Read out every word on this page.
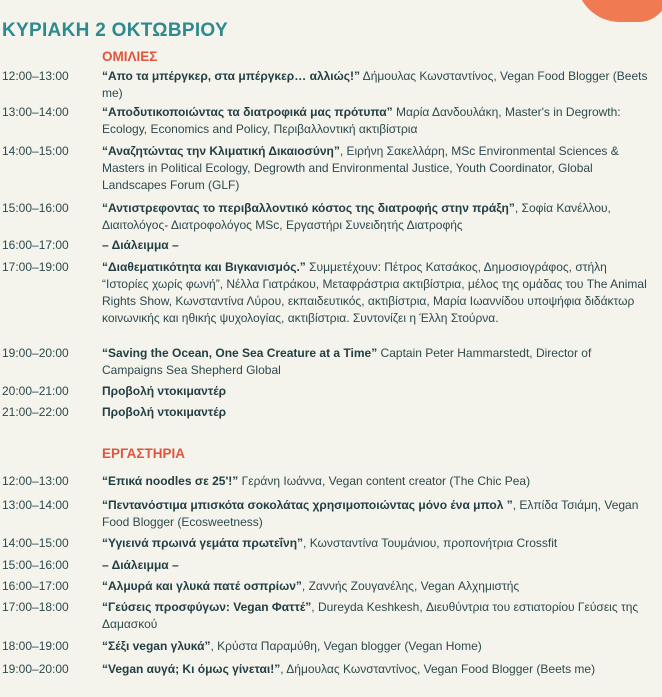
ΚΥΡΙΑΚΗ 2 ΟΚΤΩΒΡΙΟΥ
ΟΜΙΛΙΕΣ
12:00–13:00	“Απο τα μπέργκερ, στα μπέργκερ… αλλιώς!” Δήμουλας Κωνσταντίνος, Vegan Food Blogger (Beets me)
13:00–14:00	“Αποδυτικοποιώντας τα διατροφικά μας πρότυπα” Μαρία Δανδουλάκη, Master's in Degrowth: Ecology, Economics and Policy, Περιβαλλοντική ακτιβίστρια
14:00–15:00	“Αναζητώντας την Κλιματική Δικαιοσύνη”, Ειρήνη Σακελλάρη, MSc Environmental Sciences & Masters in Political Ecology, Degrowth and Environmental Justice, Youth Coordinator, Global Landscapes Forum (GLF)
15:00–16:00	“Αντιστρεφοντας το περιβαλλοντικό κόστος της διατροφής στην πράξη”, Σοφία Κανέλλου, Διαιτολόγος- Διατροφολόγος MSc, Εργαστήρι Συνειδητής Διατροφής
16:00–17:00	– Διάλειμμα –
17:00–19:00	“Διαθεματικότητα και Βιγκανισμός.” Συμμετέχουν: Πέτρος Κατσάκος, Δημοσιογράφος, στήλη “Ιστορίες χωρίς φωνή”, Νέλλα Γιατράκου, Μεταφράστρια ακτιβίστρια, μέλος της ομάδας του The Animal Rights Show, Κωνσταντίνα Λύρου, εκπαιδευτικός, ακτιβίστρια, Μαρία Ιωαννίδου υποψήφια διδάκτωρ κοινωνικής και ηθικής ψυχολογίας, ακτιβίστρια. Συντονίζει η Έλλη Στούρνα.
19:00–20:00	“Saving the Ocean, One Sea Creature at a Time” Captain Peter Hammarstedt, Director of Campaigns Sea Shepherd Global
20:00–21:00	Προβολή ντοκιμαντέρ
21:00–22:00	Προβολή ντοκιμαντέρ
ΕΡΓΑΣΤΗΡΙΑ
12:00–13:00	“Επικά noodles σε 25'!” Γεράνη Ιωάννα, Vegan content creator (The Chic Pea)
13:00–14:00	“Πεντανόστιμα μπισκότα σοκολάτας χρησιμοποιώντας μόνο ένα μπολ ”, Ελπίδα Τσιάμη, Vegan Food Blogger (Ecosweetness)
14:00–15:00	“Υγιεινά πρωινά γεμάτα πρωτεΐνη”, Κωνσταντίνα Τουμάνιου, προπονήτρια Crossfit
15:00–16:00	– Διάλειμμα –
16:00–17:00	“Αλμυρά και γλυκά πατέ οσπρίων”, Ζαννής Ζουγανέλης, Vegan Αλχημιστής
17:00–18:00	“Γεύσεις προσφύγων: Vegan Φαττέ”, Dureyda Keshkesh, Διευθύντρια του εστιατορίου Γεύσεις της Δαμασκού
18:00–19:00	“Σέξι vegan γλυκά”, Κρύστα Παραμύθη, Vegan blogger (Vegan Home)
19:00–20:00	“Vegan αυγά; Κι όμως γίνεται!”, Δήμουλας Κωνσταντίνος, Vegan Food Blogger (Beets me)
